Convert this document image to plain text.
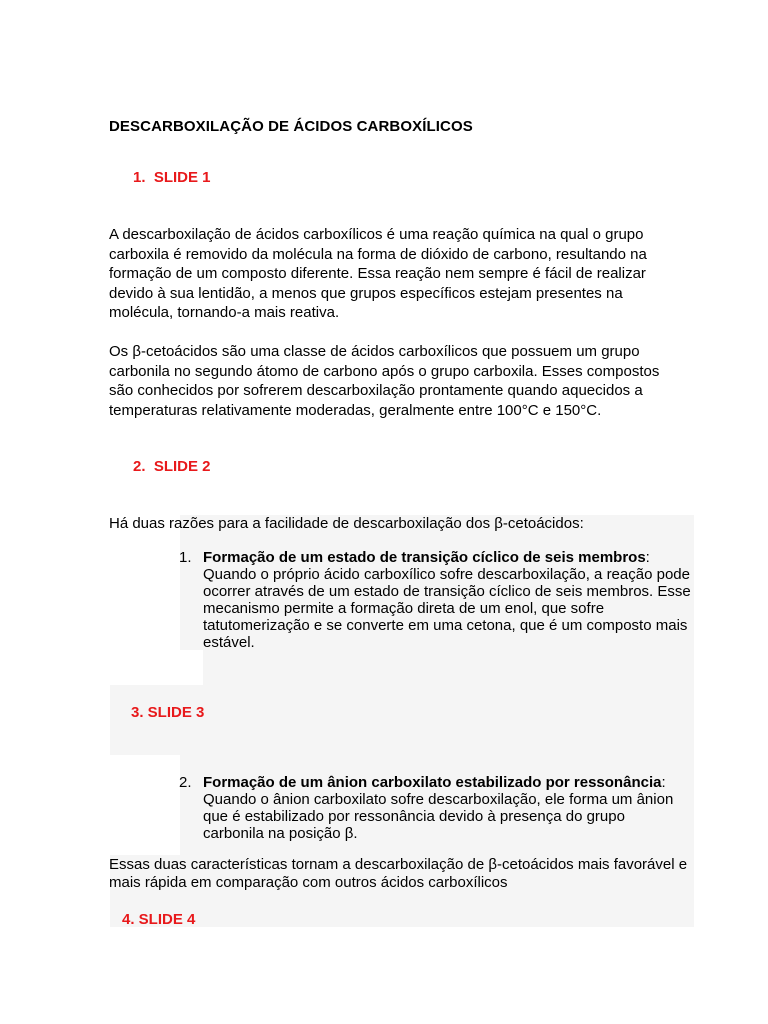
DESCARBOXILAÇÃO DE ÁCIDOS CARBOXÍLICOS
1.  SLIDE 1

A descarboxilação de ácidos carboxílicos é uma reação química na qual o grupo carboxila é removido da molécula na forma de dióxido de carbono, resultando na formação de um composto diferente. Essa reação nem sempre é fácil de realizar devido à sua lentidão, a menos que grupos específicos estejam presentes na molécula, tornando-a mais reativa.

Os β-cetoácidos são uma classe de ácidos carboxílicos que possuem um grupo carbonila no segundo átomo de carbono após o grupo carboxila. Esses compostos são conhecidos por sofrerem descarboxilação prontamente quando aquecidos a temperaturas relativamente moderadas, geralmente entre 100°C e 150°C.

2.  SLIDE 2

Há duas razões para a facilidade de descarboxilação dos β-cetoácidos:

1. Formação de um estado de transição cíclico de seis membros: Quando o próprio ácido carboxílico sofre descarboxilação, a reação pode ocorrer através de um estado de transição cíclico de seis membros. Esse mecanismo permite a formação direta de um enol, que sofre tatutomerização e se converte em uma cetona, que é um composto mais estável.

3. SLIDE 3
2. Formação de um ânion carboxilato estabilizado por ressonância: Quando o ânion carboxilato sofre descarboxilação, ele forma um ânion que é estabilizado por ressonância devido à presença do grupo carbonila na posição β.

Essas duas características tornam a descarboxilação de β-cetoácidos mais favorável e mais rápida em comparação com outros ácidos carboxílicos

4. SLIDE 4
